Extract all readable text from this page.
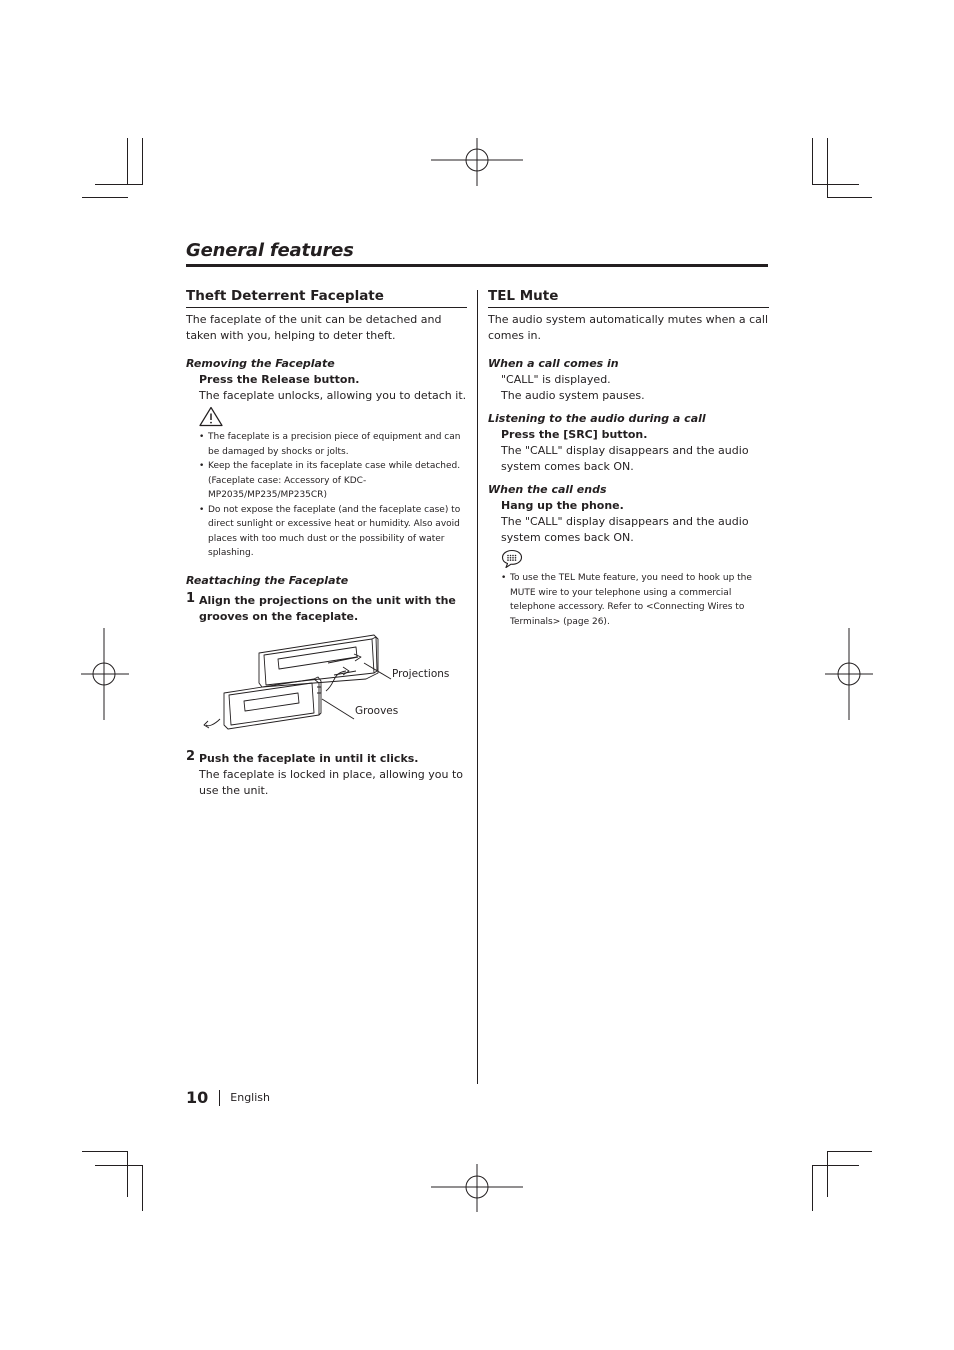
General features
Theft Deterrent Faceplate

The faceplate of the unit can be detached and taken with you, helping to deter theft.

Removing the Faceplate
Press the Release button.
The faceplate unlocks, allowing you to detach it.
• The faceplate is a precision piece of equipment and can be damaged by shocks or jolts.
• Keep the faceplate in its faceplate case while detached. (Faceplate case: Accessory of KDC-MP2035/MP235/MP235CR)
• Do not expose the faceplate (and the faceplate case) to direct sunlight or excessive heat or humidity. Also avoid places with too much dust or the possibility of water splashing.
Reattaching the Faceplate
1 Align the projections on the unit with the grooves on the faceplate.
Projections
Grooves
2 Push the faceplate in until it clicks.
The faceplate is locked in place, allowing you to use the unit.
TEL Mute

The audio system automatically mutes when a call comes in.

When a call comes in
"CALL" is displayed.
The audio system pauses.
Listening to the audio during a call
Press the [SRC] button.
The "CALL" display disappears and the audio system comes back ON.
When the call ends
Hang up the phone.
The "CALL" display disappears and the audio system comes back ON.
• To use the TEL Mute feature, you need to hook up the MUTE wire to your telephone using a commercial telephone accessory. Refer to <Connecting Wires to Terminals> (page 26).
10 English
